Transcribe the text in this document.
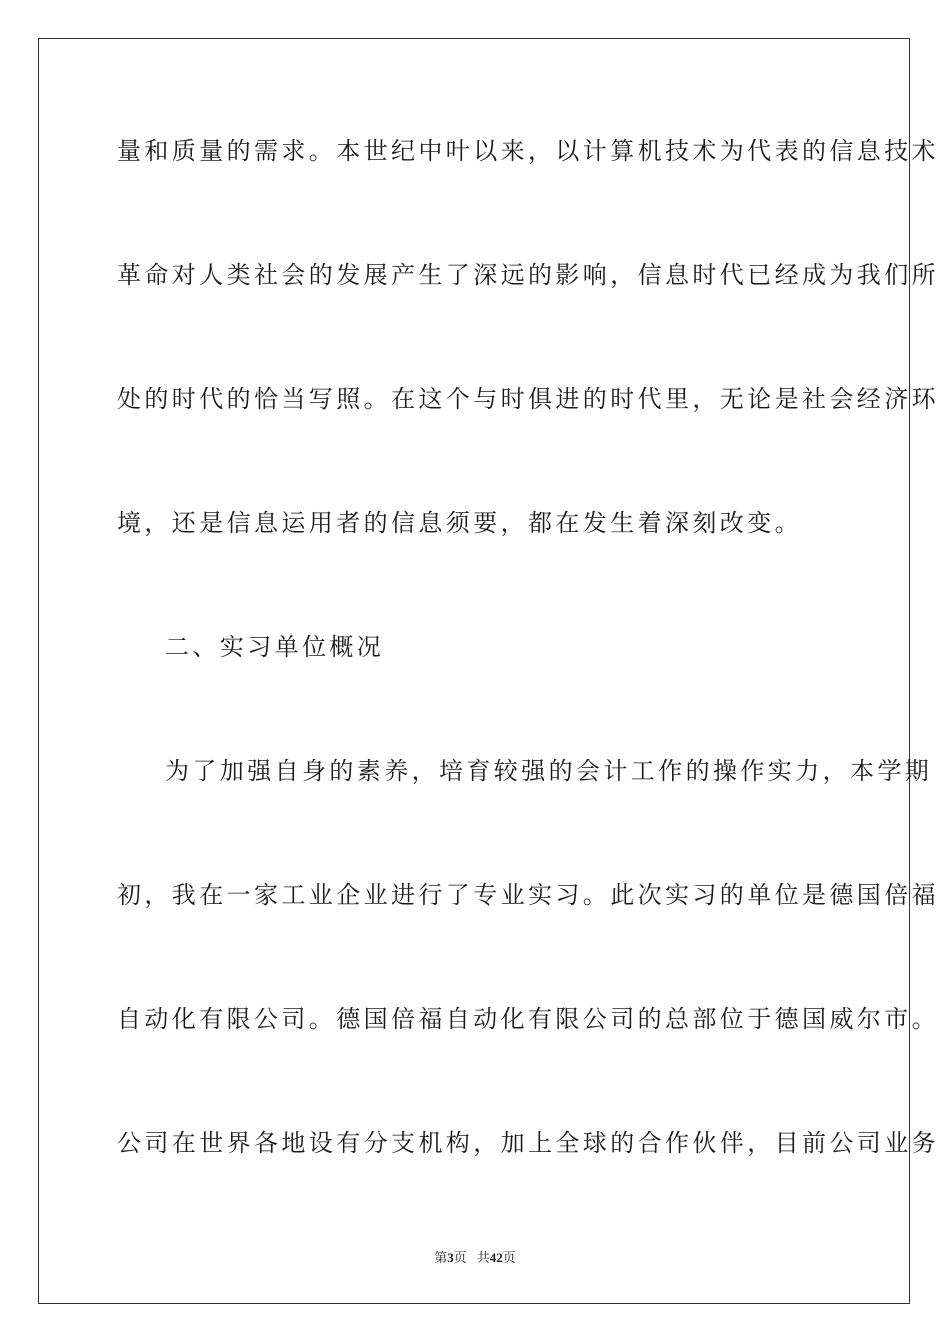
量和质量的需求。本世纪中叶以来，以计算机技术为代表的信息技术
革命对人类社会的发展产生了深远的影响，信息时代已经成为我们所
处的时代的恰当写照。在这个与时俱进的时代里，无论是社会经济环
境，还是信息运用者的信息须要，都在发生着深刻改变。
二、实习单位概况
为了加强自身的素养，培育较强的会计工作的操作实力，本学期
初，我在一家工业企业进行了专业实习。此次实习的单位是德国倍福
自动化有限公司。德国倍福自动化有限公司的总部位于德国威尔市。
公司在世界各地设有分支机构，加上全球的合作伙伴，目前公司业务
第3页 共42页
